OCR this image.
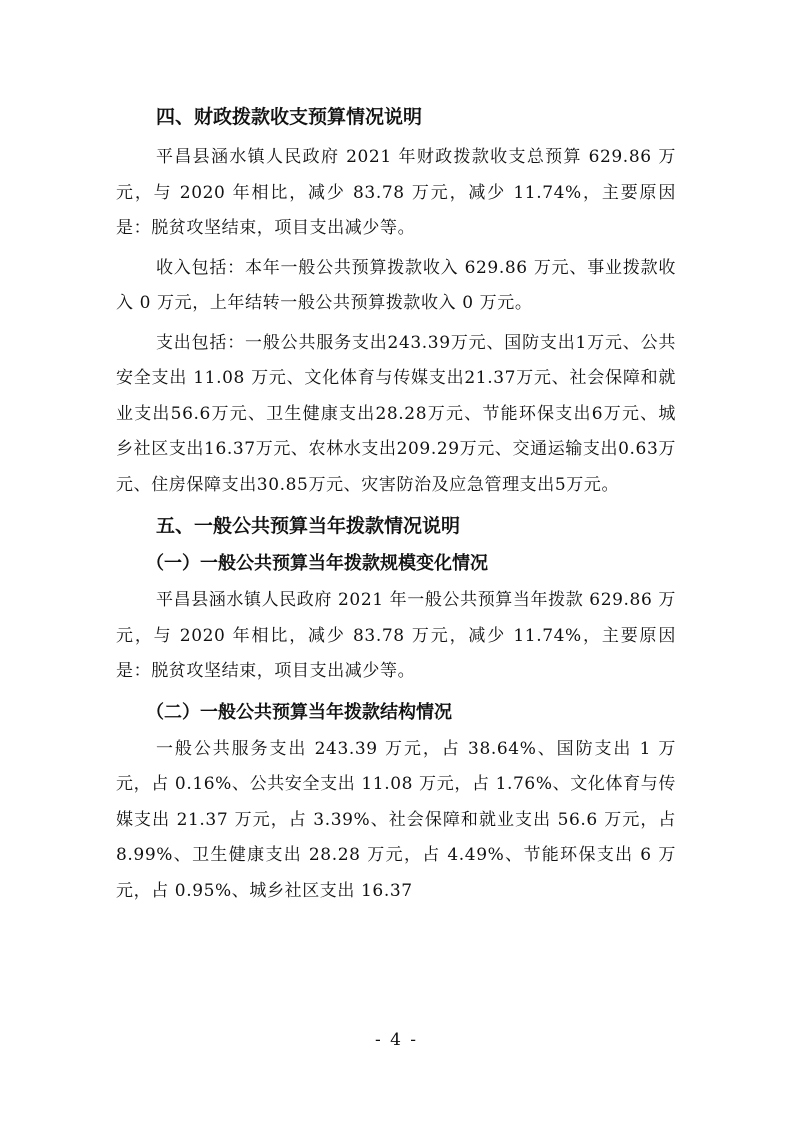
四、财政拨款收支预算情况说明

平昌县涵水镇人民政府 2021 年财政拨款收支总预算 629.86 万元，与 2020 年相比，减少 83.78 万元，减少 11.74%，主要原因是：脱贫攻坚结束，项目支出减少等。

收入包括：本年一般公共预算拨款收入 629.86 万元、事业拨款收入 0 万元，上年结转一般公共预算拨款收入 0 万元。

支出包括：一般公共服务支出243.39万元、国防支出1万元、公共安全支出 11.08 万元、文化体育与传媒支出21.37万元、社会保障和就业支出56.6万元、卫生健康支出28.28万元、节能环保支出6万元、城乡社区支出16.37万元、农林水支出209.29万元、交通运输支出0.63万元、住房保障支出30.85万元、灾害防治及应急管理支出5万元。

五、一般公共预算当年拨款情况说明
（一）一般公共预算当年拨款规模变化情况

平昌县涵水镇人民政府 2021 年一般公共预算当年拨款 629.86 万元，与 2020 年相比，减少 83.78 万元，减少 11.74%，主要原因是：脱贫攻坚结束，项目支出减少等。

（二）一般公共预算当年拨款结构情况

一般公共服务支出 243.39 万元，占 38.64%、国防支出 1 万元，占 0.16%、公共安全支出 11.08 万元，占 1.76%、文化体育与传媒支出 21.37 万元，占 3.39%、社会保障和就业支出 56.6 万元，占 8.99%、卫生健康支出 28.28 万元，占 4.49%、节能环保支出 6 万元，占 0.95%、城乡社区支出 16.37

- 4 -
